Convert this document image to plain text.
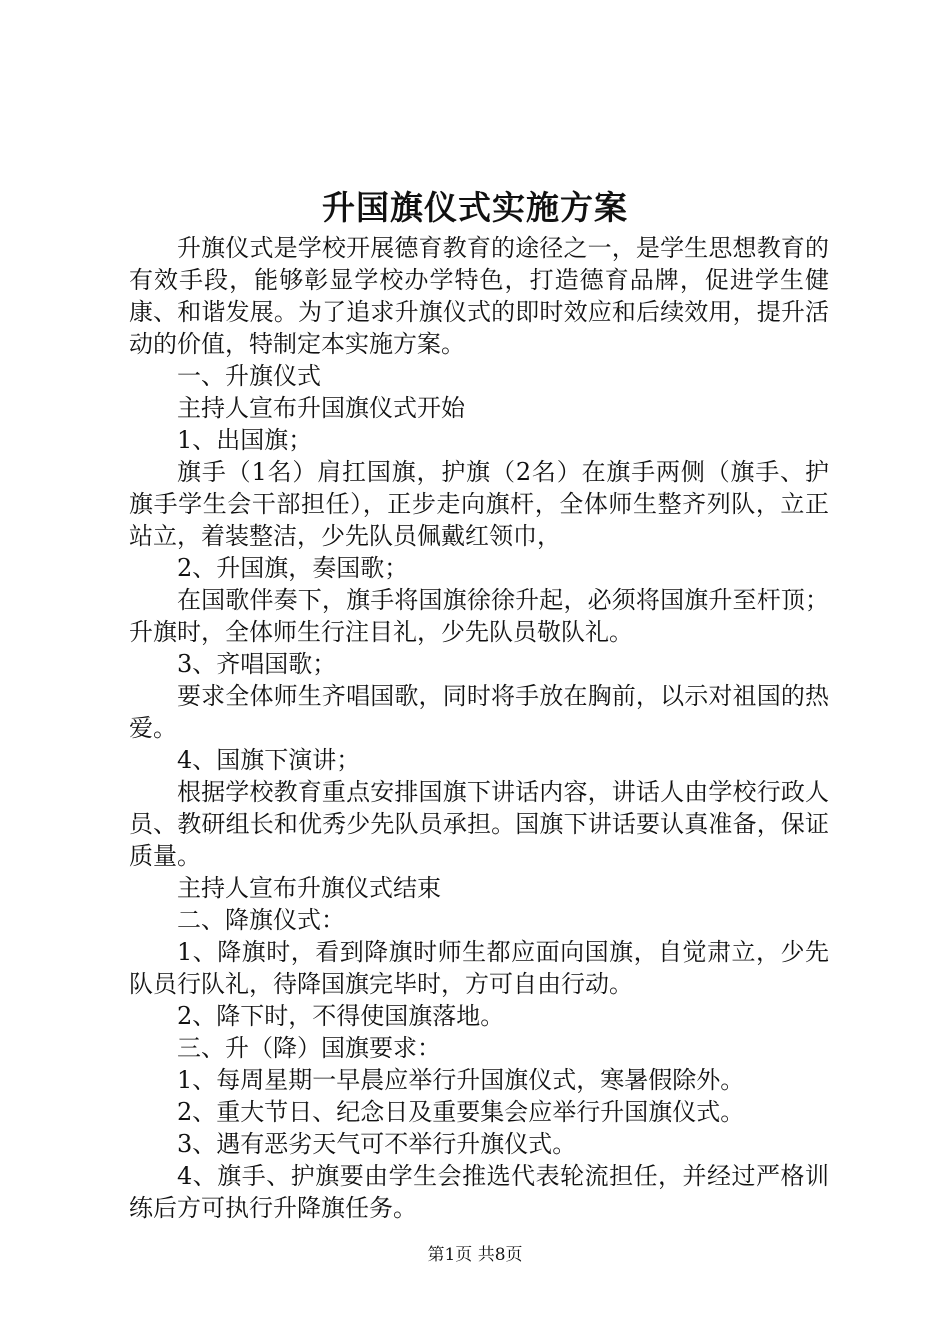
升国旗仪式实施方案

升旗仪式是学校开展德育教育的途径之一，是学生思想教育的有效手段，能够彰显学校办学特色，打造德育品牌，促进学生健康、和谐发展。为了追求升旗仪式的即时效应和后续效用，提升活动的价值，特制定本实施方案。

一、升旗仪式

主持人宣布升国旗仪式开始

1、出国旗；

旗手（1名）肩扛国旗，护旗（2名）在旗手两侧（旗手、护旗手学生会干部担任），正步走向旗杆，全体师生整齐列队，立正站立，着装整洁，少先队员佩戴红领巾，

2、升国旗，奏国歌；

在国歌伴奏下，旗手将国旗徐徐升起，必须将国旗升至杆顶；升旗时，全体师生行注目礼，少先队员敬队礼。

3、齐唱国歌；

要求全体师生齐唱国歌，同时将手放在胸前，以示对祖国的热爱。

4、国旗下演讲；

根据学校教育重点安排国旗下讲话内容，讲话人由学校行政人员、教研组长和优秀少先队员承担。国旗下讲话要认真准备，保证质量。

主持人宣布升旗仪式结束

二、降旗仪式：

1、降旗时，看到降旗时师生都应面向国旗，自觉肃立，少先队员行队礼，待降国旗完毕时，方可自由行动。

2、降下时，不得使国旗落地。

三、升（降）国旗要求：

1、每周星期一早晨应举行升国旗仪式，寒暑假除外。

2、重大节日、纪念日及重要集会应举行升国旗仪式。

3、遇有恶劣天气可不举行升旗仪式。

4、旗手、护旗要由学生会推选代表轮流担任，并经过严格训练后方可执行升降旗任务。

第1页 共8页
